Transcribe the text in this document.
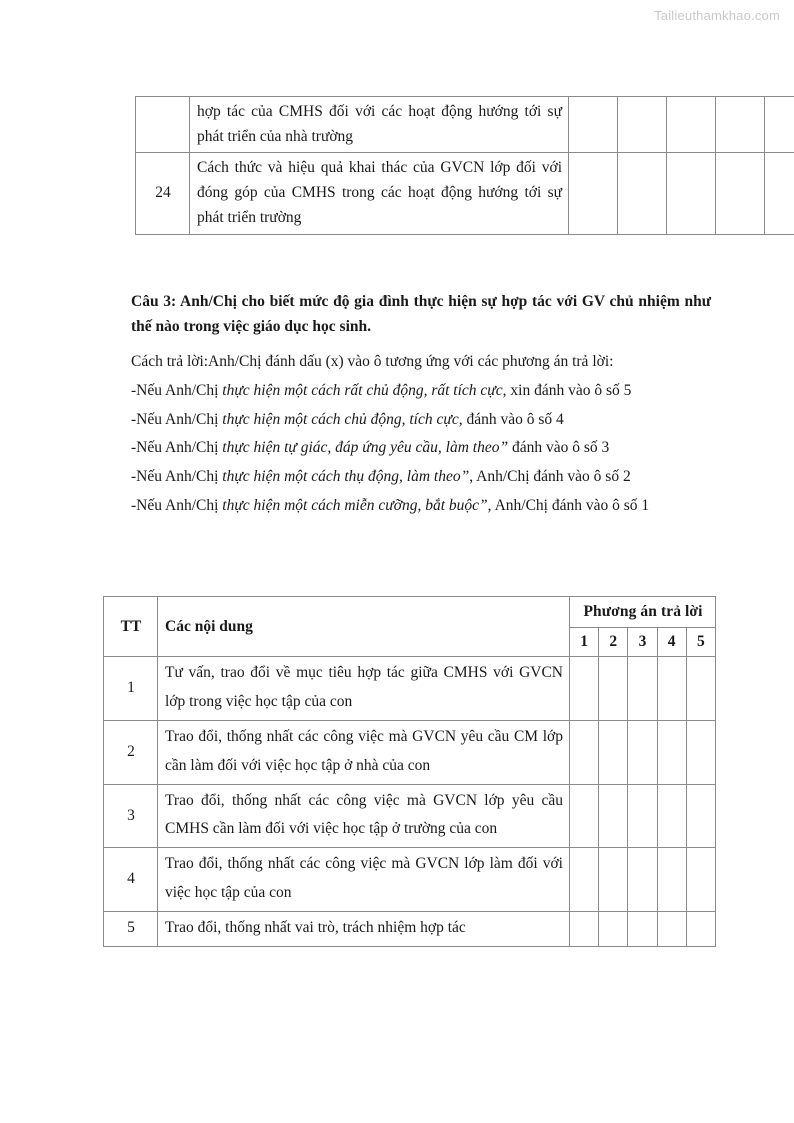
Tailieuthamkhao.com
	hợp tác của CMHS đối với các hoạt động hướng tới sự phát triển của nhà trường					
24	Cách thức và hiệu quả khai thác của GVCN lớp đối với đóng góp của CMHS trong các hoạt động hướng tới sự phát triển trường					
Câu 3: Anh/Chị cho biết mức độ gia đình thực hiện sự hợp tác với GV chủ nhiệm như thế nào trong việc giáo dục học sinh.

Cách trả lời:Anh/Chị đánh dấu (x) vào ô tương ứng với các phương án trả lời:

-Nếu Anh/Chị thực hiện một cách rất chủ động, rất tích cực, xin đánh vào ô số 5

-Nếu Anh/Chị thực hiện một cách chủ động, tích cực, đánh vào ô số 4

-Nếu Anh/Chị thực hiện tự giác, đáp ứng yêu cầu, làm theo” đánh vào ô số 3

-Nếu Anh/Chị thực hiện một cách thụ động, làm theo”, Anh/Chị đánh vào ô số 2

-Nếu Anh/Chị thực hiện một cách miễn cưỡng, bắt buộc”, Anh/Chị đánh vào ô số 1

TT	Các nội dung	Phương án trả lời				
		1	2	3	4	5
1	Tư vấn, trao đổi về mục tiêu hợp tác giữa CMHS với GVCN lớp trong việc học tập của con					
2	Trao đổi, thống nhất các công việc mà GVCN yêu cầu CM lớp cần làm đối với việc học tập ở nhà của con					
3	Trao đổi, thống nhất các công việc mà GVCN lớp yêu cầu CMHS cần làm đối với việc học tập ở trường của con					
4	Trao đổi, thống nhất các công việc mà GVCN lớp làm đối với việc học tập của con					
5	Trao đổi, thống nhất vai trò, trách nhiệm hợp tác					
